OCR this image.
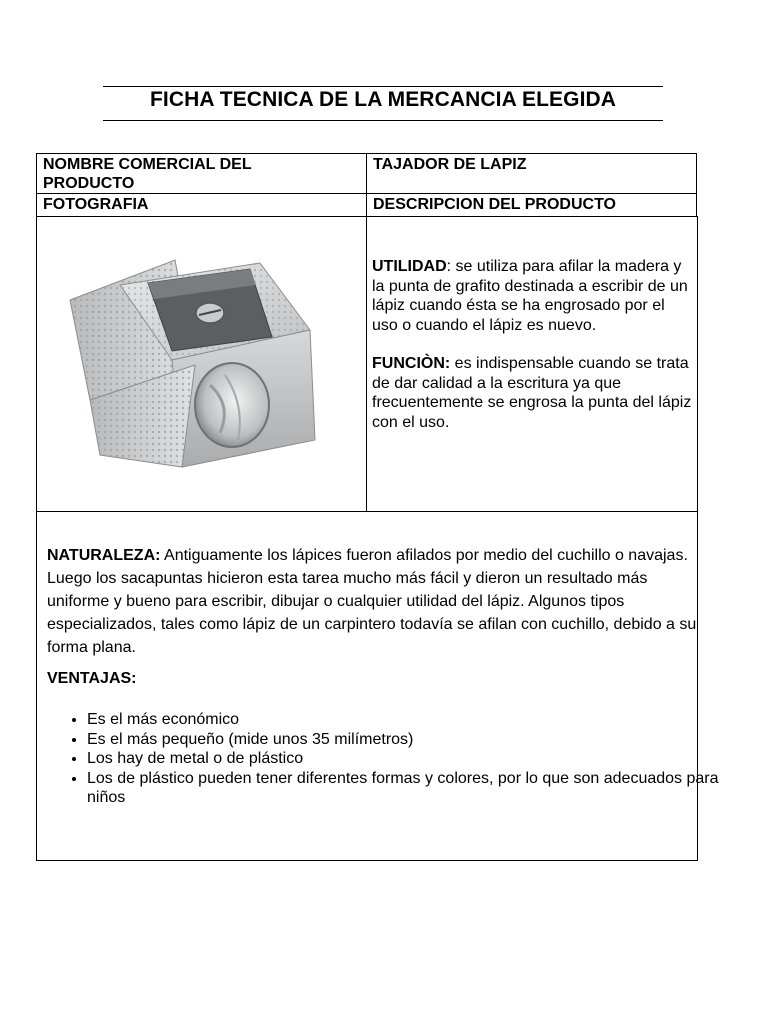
FICHA TECNICA DE LA MERCANCIA ELEGIDA
NOMBRE COMERCIAL DEL PRODUCTO
TAJADOR DE LAPIZ
FOTOGRAFIA	DESCRIPCION DEL PRODUCTO

UTILIDAD: se utiliza para afilar la madera y la punta de grafito destinada a escribir de un lápiz cuando ésta se ha engrosado por el uso o cuando el lápiz es nuevo.

FUNCIÒN: es indispensable cuando se trata de dar calidad a la escritura ya que frecuentemente se engrosa la punta del lápiz con el uso.

NATURALEZA: Antiguamente los lápices fueron afilados por medio del cuchillo o navajas. Luego los sacapuntas hicieron esta tarea mucho más fácil y dieron un resultado más uniforme y bueno para escribir, dibujar o cualquier utilidad del lápiz. Algunos tipos especializados, tales como lápiz de un carpintero todavía se afilan con cuchillo, debido a su forma plana.

VENTAJAS:
• Es el más económico
• Es el más pequeño (mide unos 35 milímetros)
• Los hay de metal o de plástico
• Los de plástico pueden tener diferentes formas y colores, por lo que son adecuados para niños
